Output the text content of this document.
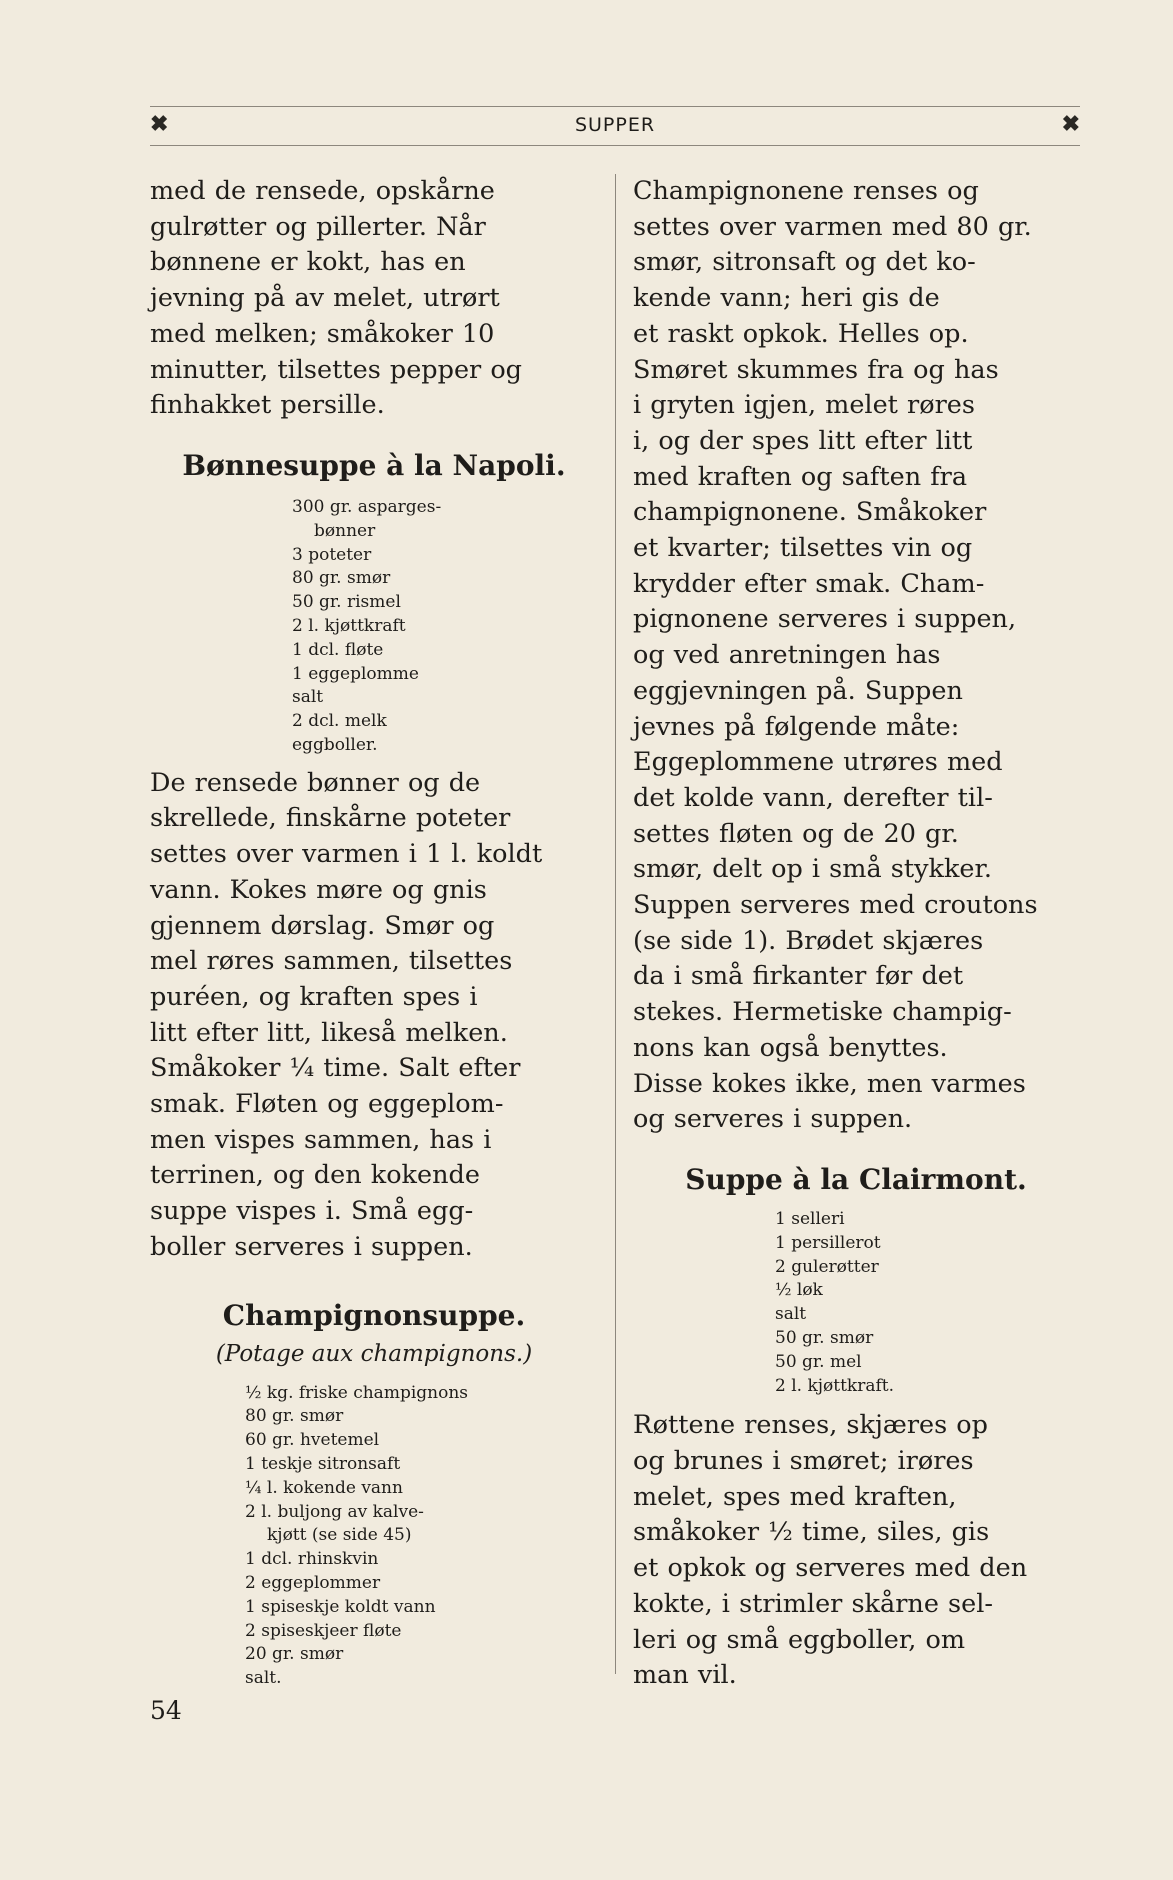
✖	SUPPER	✖

med de rensede, opskårne
gulrøtter og pillerter. Når
bønnene er kokt, has en
jevning på av melet, utrørt
med melken; småkoker 10
minutter, tilsettes pepper og
finhakket persille.

Bønnesuppe à la Napoli.
300 gr. asparges-
bønner
3 poteter
80 gr. smør
50 gr. rismel
2 l. kjøttkraft
1 dcl. fløte
1 eggeplomme
salt
2 dcl. melk
eggboller.

De rensede bønner og de
skrellede, finskårne poteter
settes over varmen i 1 l. koldt
vann. Kokes møre og gnis
gjennem dørslag. Smør og
mel røres sammen, tilsettes
puréen, og kraften spes i
litt efter litt, likeså melken.
Småkoker ¼ time. Salt efter
smak. Fløten og eggeplom-
men vispes sammen, has i
terrinen, og den kokende
suppe vispes i. Små egg-
boller serveres i suppen.

Champignonsuppe.
(Potage aux champignons.)
½ kg. friske champignons
80 gr. smør
60 gr. hvetemel
1 teskje sitronsaft
¼ l. kokende vann
2 l. buljong av kalve-
kjøtt (se side 45)
1 dcl. rhinskvin
2 eggeplommer
1 spiseskje koldt vann
2 spiseskjeer fløte
20 gr. smør
salt.

Champignonene renses og
settes over varmen med 80 gr.
smør, sitronsaft og det ko-
kende vann; heri gis de
et raskt opkok. Helles op.
Smøret skummes fra og has
i gryten igjen, melet røres
i, og der spes litt efter litt
med kraften og saften fra
champignonene. Småkoker
et kvarter; tilsettes vin og
krydder efter smak. Cham-
pignonene serveres i suppen,
og ved anretningen has
eggjevningen på. Suppen
jevnes på følgende måte:
Eggeplommene utrøres med
det kolde vann, derefter til-
settes fløten og de 20 gr.
smør, delt op i små stykker.
Suppen serveres med croutons
(se side 1). Brødet skjæres
da i små firkanter før det
stekes. Hermetiske champig-
nons kan også benyttes.
Disse kokes ikke, men varmes
og serveres i suppen.

Suppe à la Clairmont.
1 selleri
1 persillerot
2 gulerøtter
½ løk
salt
50 gr. smør
50 gr. mel
2 l. kjøttkraft.

Røttene renses, skjæres op
og brunes i smøret; irøres
melet, spes med kraften,
småkoker ½ time, siles, gis
et opkok og serveres med den
kokte, i strimler skårne sel-
leri og små eggboller, om
man vil.

54
